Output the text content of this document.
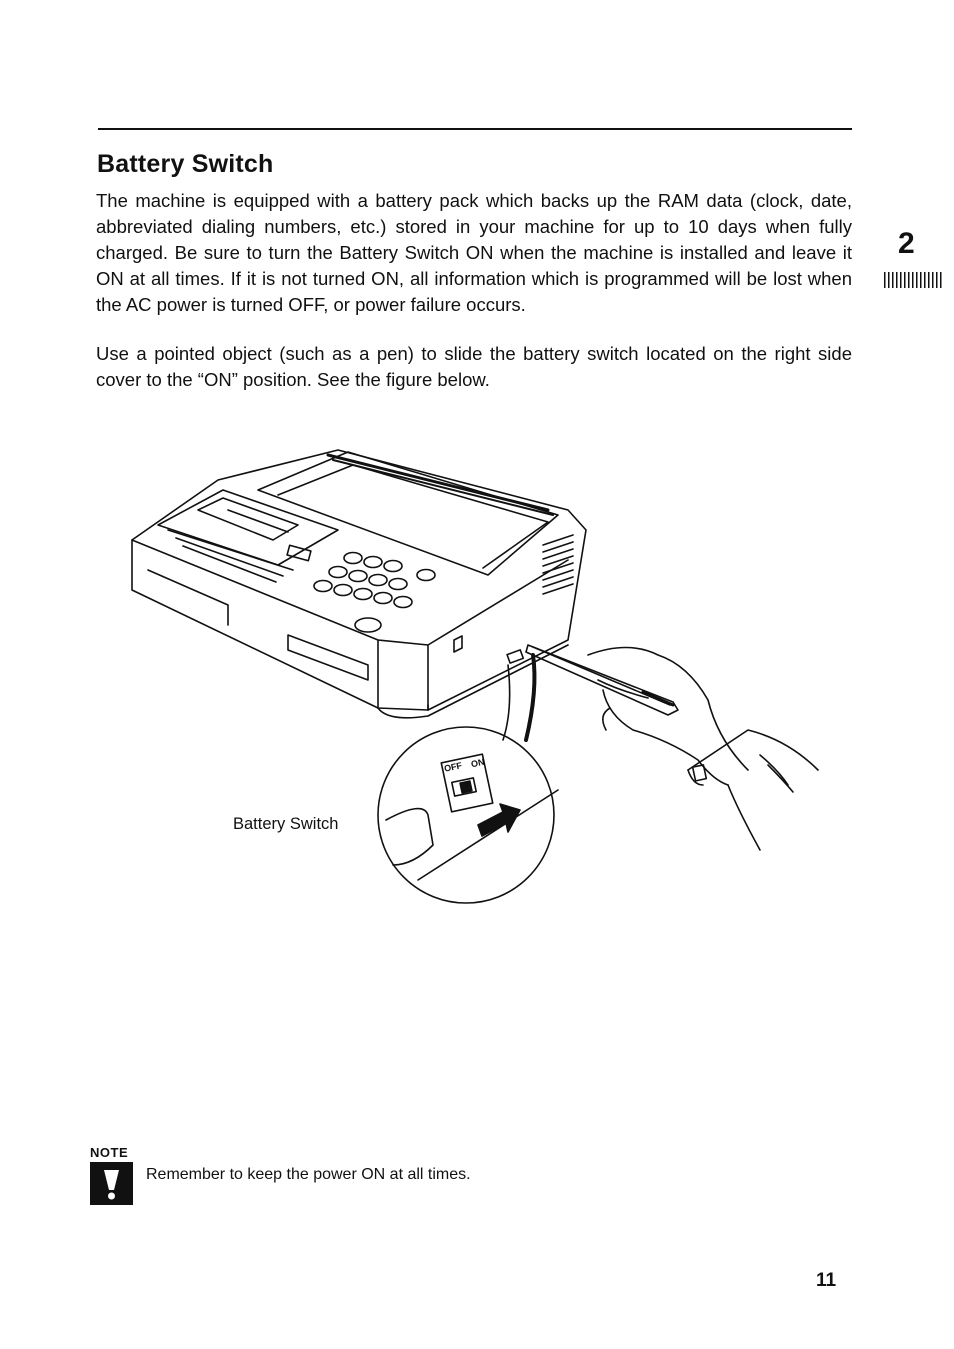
Battery Switch

The machine is equipped with a battery pack which backs up the RAM data (clock, date, abbreviated dialing numbers, etc.) stored in your machine for up to 10 days when fully charged. Be sure to turn the Battery Switch ON when the machine is installed and leave it ON at all times. If it is not turned ON, all information which is programmed will be lost when the AC power is turned OFF, or power failure occurs.

Use a pointed object (such as a pen) to slide the battery switch located on the right side cover to the “ON” position. See the figure below.

2
OFF ON
Battery Switch
NOTE
Remember to keep the power ON at all times.
11
